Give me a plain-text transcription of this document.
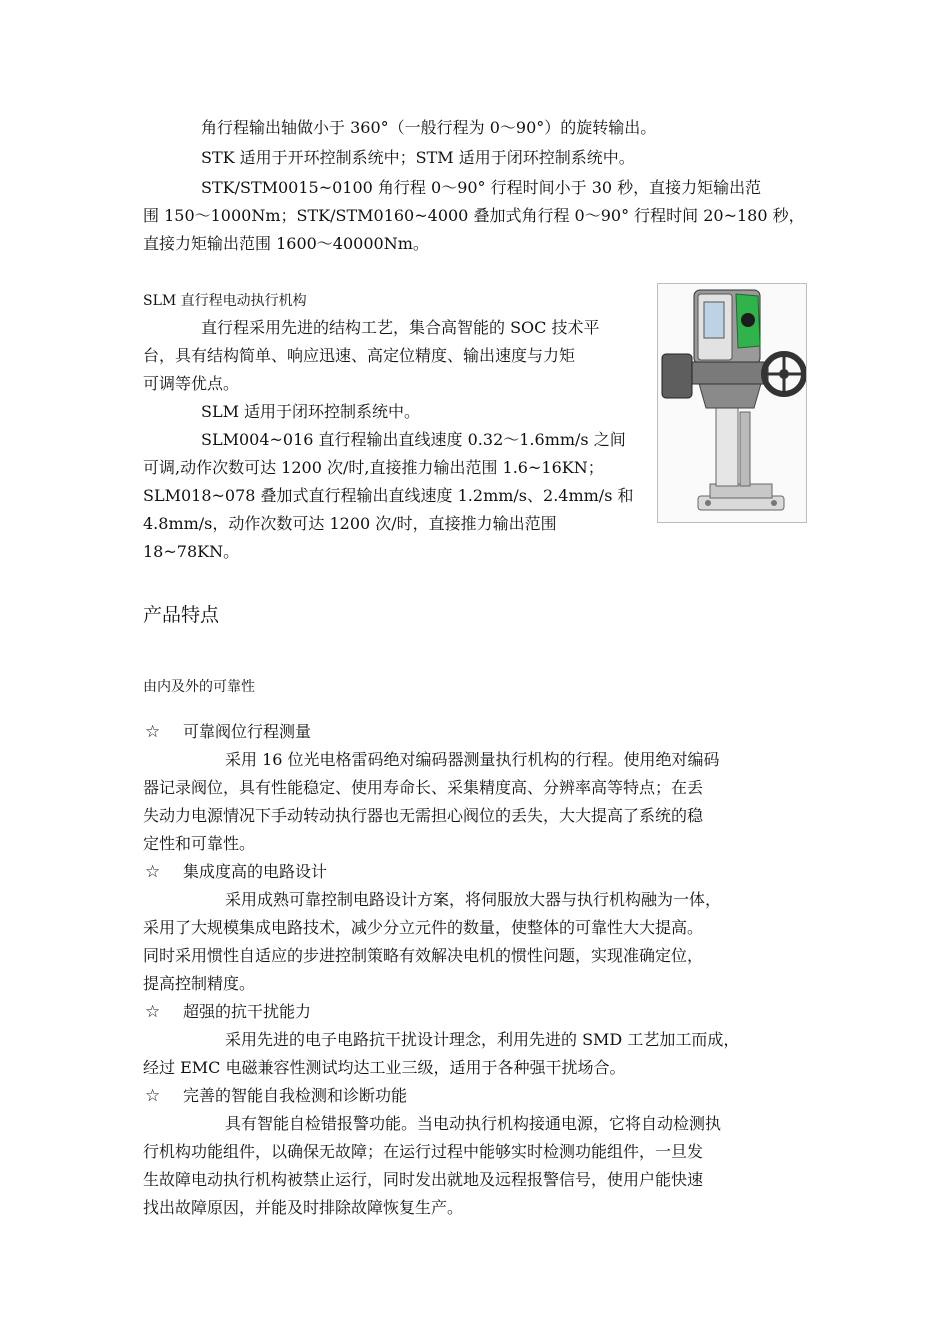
角行程输出轴做小于 360°（一般行程为 0～90°）的旋转输出。

STK 适用于开环控制系统中；STM 适用于闭环控制系统中。

STK/STM0015~0100 角行程 0～90° 行程时间小于 30 秒，直接力矩输出范

围 150～1000Nm；STK/STM0160~4000 叠加式角行程 0～90° 行程时间 20~180 秒，

直接力矩输出范围 1600～40000Nm。

SLM 直行程电动执行机构

直行程采用先进的结构工艺，集合高智能的 SOC 技术平

台，具有结构简单、响应迅速、高定位精度、输出速度与力矩

可调等优点。

SLM 适用于闭环控制系统中。

SLM004~016 直行程输出直线速度 0.32～1.6mm/s 之间

可调,动作次数可达 1200 次/时,直接推力输出范围 1.6~16KN；

SLM018~078 叠加式直行程输出直线速度 1.2mm/s、2.4mm/s 和

4.8mm/s，动作次数可达 1200 次/时，直接推力输出范围

18~78KN。

产品特点

由内及外的可靠性

☆ 可靠阀位行程测量

采用 16 位光电格雷码绝对编码器测量执行机构的行程。使用绝对编码

器记录阀位，具有性能稳定、使用寿命长、采集精度高、分辨率高等特点；在丢

失动力电源情况下手动转动执行器也无需担心阀位的丢失，大大提高了系统的稳

定性和可靠性。

☆ 集成度高的电路设计

采用成熟可靠控制电路设计方案，将伺服放大器与执行机构融为一体，

采用了大规模集成电路技术，减少分立元件的数量，使整体的可靠性大大提高。

同时采用惯性自适应的步进控制策略有效解决电机的惯性问题，实现准确定位，

提高控制精度。

☆ 超强的抗干扰能力

采用先进的电子电路抗干扰设计理念，利用先进的 SMD 工艺加工而成，

经过 EMC 电磁兼容性测试均达工业三级，适用于各种强干扰场合。

☆ 完善的智能自我检测和诊断功能

具有智能自检错报警功能。当电动执行机构接通电源，它将自动检测执

行机构功能组件，以确保无故障；在运行过程中能够实时检测功能组件，一旦发

生故障电动执行机构被禁止运行，同时发出就地及远程报警信号，使用户能快速

找出故障原因，并能及时排除故障恢复生产。
